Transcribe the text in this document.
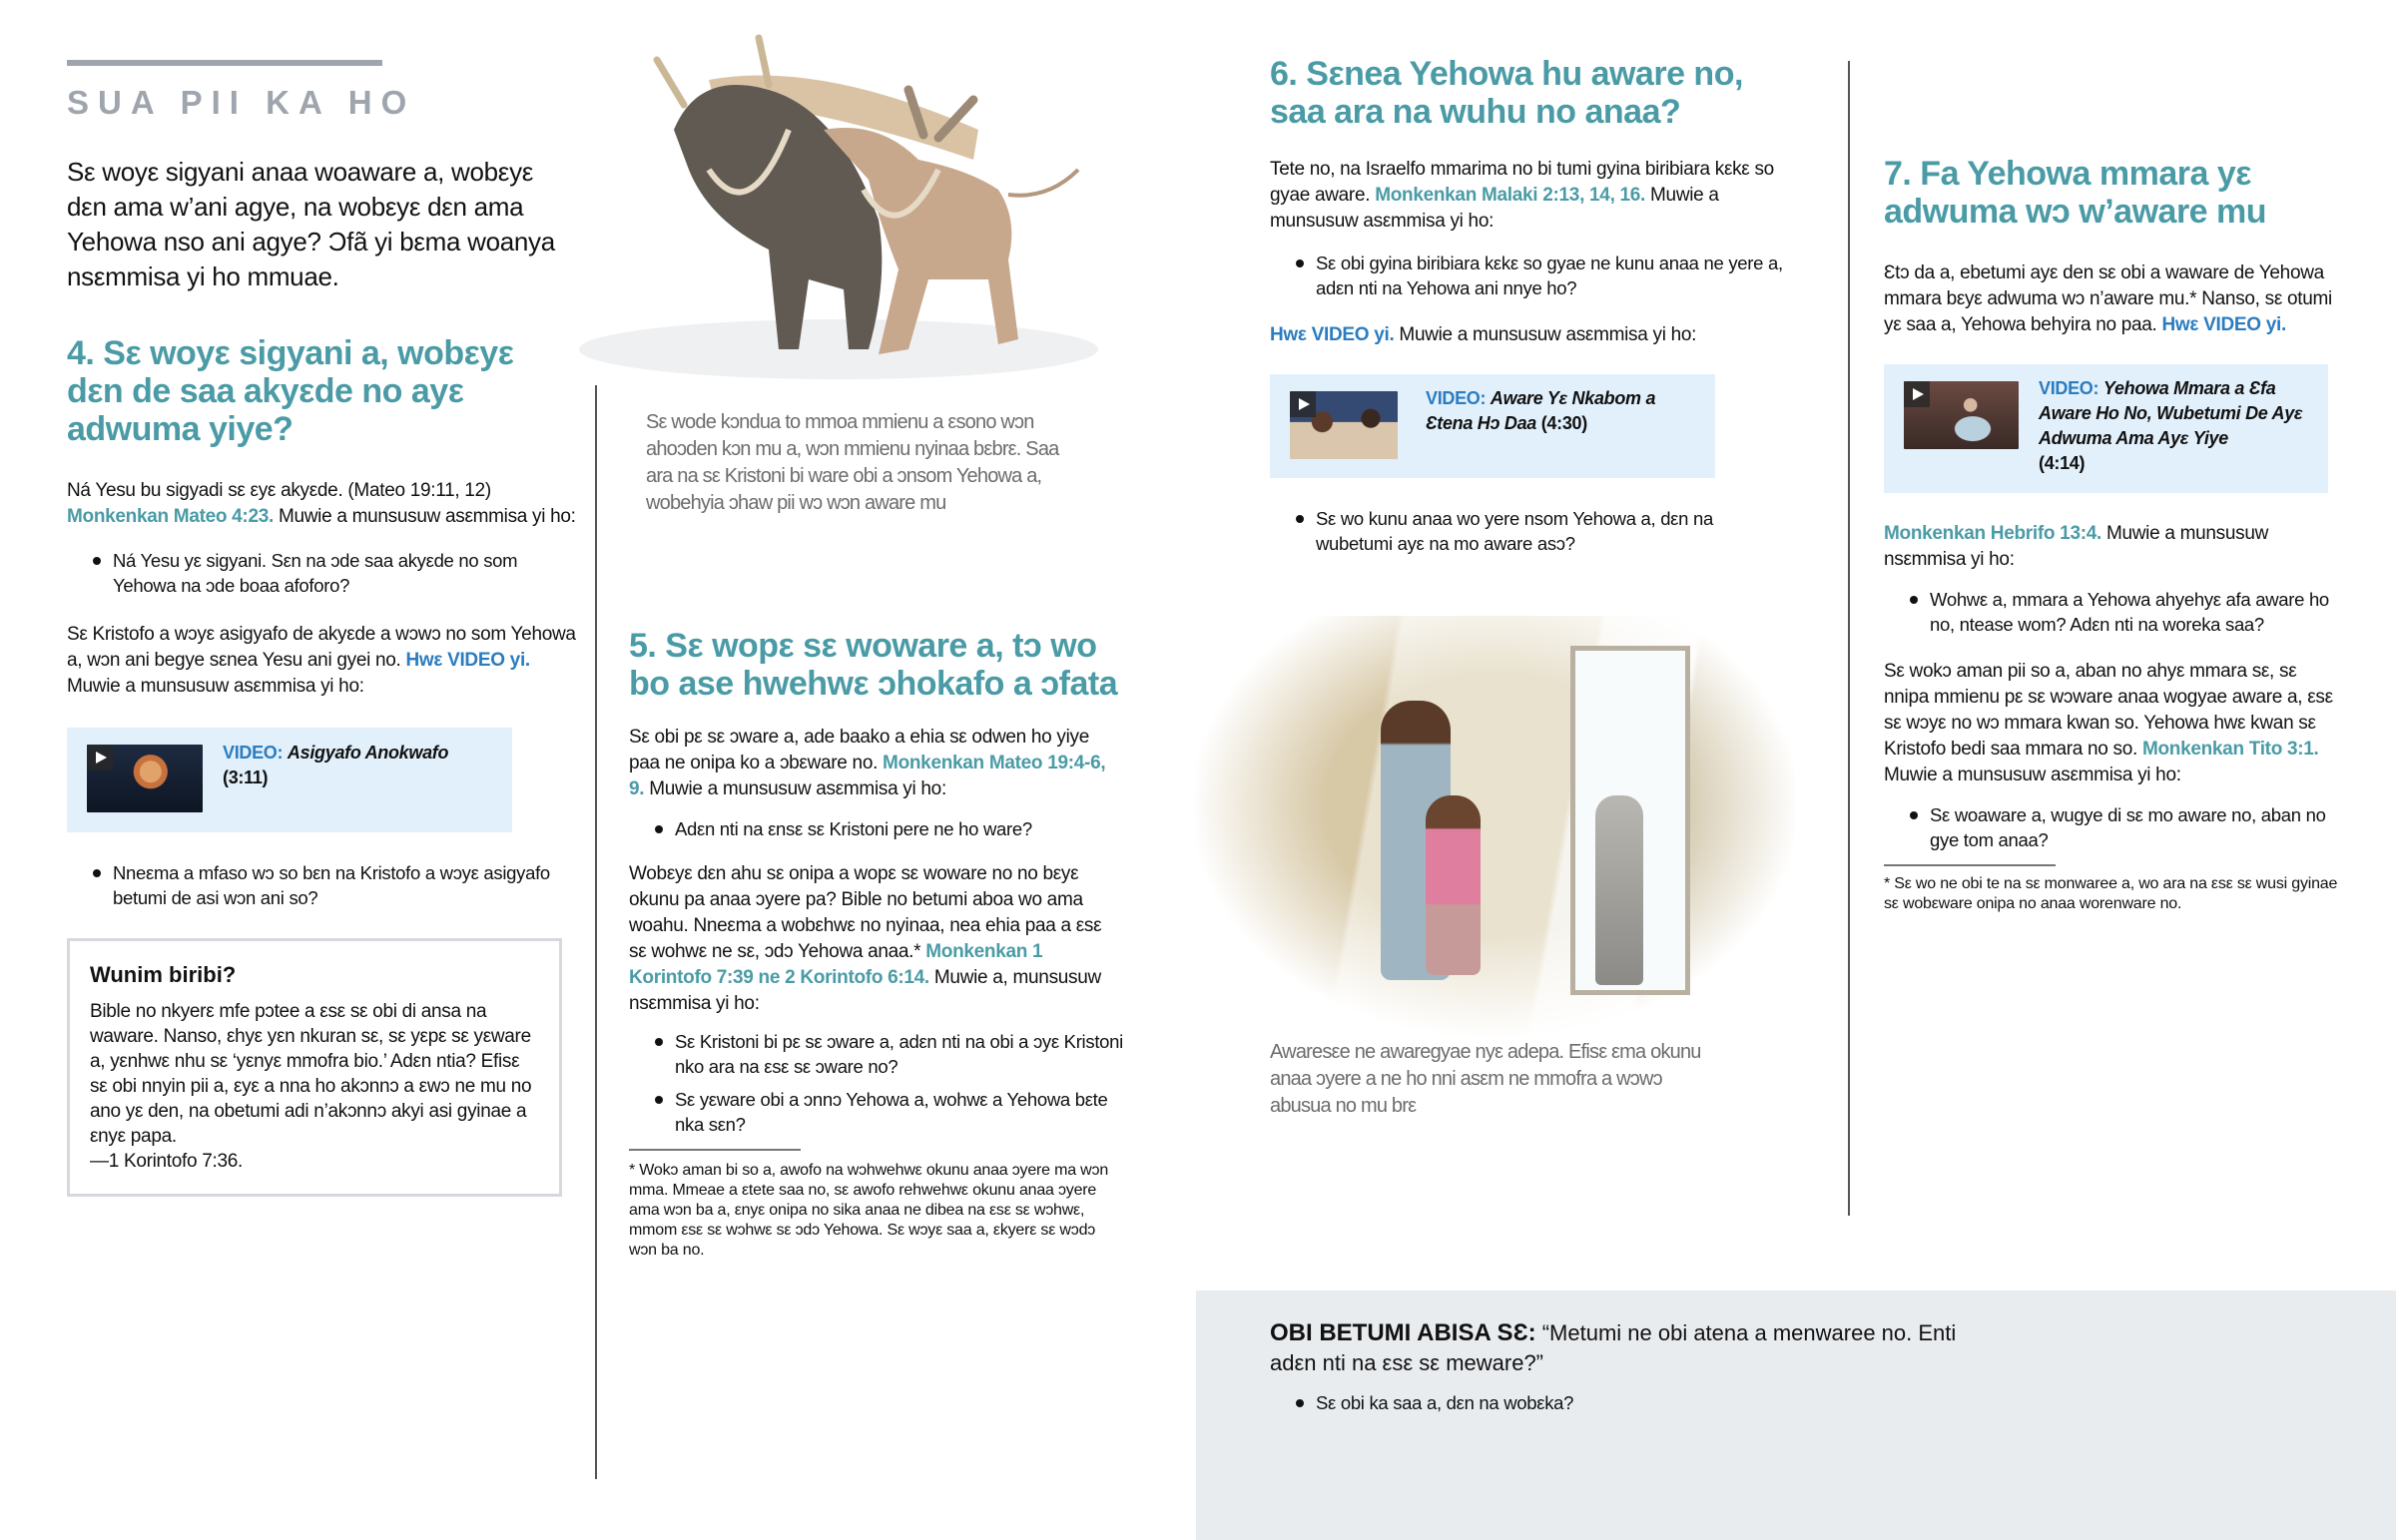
SUA PII KA HO

Sε woyε sigyani anaa woaware a, wobεyε dεn ama w’ani agye, na wobεyε dεn ama Yehowa nso ani agye? Ɔfã yi bεma woanya nsεmmisa yi ho mmuae.

4. Sε woyε sigyani a, wobεyε dεn de saa akyεde no ayε adwuma yiye?

Ná Yesu bu sigyadi sε εyε akyεde. (Mateo 19:11, 12) Monkenkan Mateo 4:23. Muwie a munsusuw asεmmisa yi ho:

Ná Yesu yε sigyani. Sεn na ɔde saa akyεde no som Yehowa na ɔde boaa afoforo?

Sε Kristofo a wɔyε asigyafo de akyεde a wɔwɔ no som Yehowa a, wɔn ani begye sεnea Yesu ani gyei no. Hwε VIDEO yi. Muwie a munsusuw asεmmisa yi ho:

VIDEO: Asigyafo Anokwafo
(3:11)

Nneεma a mfaso wɔ so bεn na Kristofo a wɔyε asigyafo betumi de asi wɔn ani so?

Wunim biribi?

Bible no nkyerε mfe pɔtee a εsε sε obi di ansa na waware. Nanso, εhyε yεn nkuran sε, sε yεpε sε yεware a, yεnhwε nhu sε ‘yεnyε mmofra bio.’ Adεn ntia? Efisε sε obi nnyin pii a, εyε a nna ho akɔnnɔ a εwɔ ne mu no ano yε den, na obetumi adi n’akɔnnɔ akyi asi gyinae a εnyε papa.
—1 Korintofo 7:36.

Sε wode kɔndua to mmoa mmienu a εsono wɔn ahoɔden kɔn mu a, wɔn mmienu nyinaa bεbrε. Saa ara na sε Kristoni bi ware obi a ɔnsom Yehowa a, wobehyia ɔhaw pii wɔ wɔn aware mu

5. Sε wopε sε woware a, tɔ wo bo ase hwehwε ɔhokafo a ɔfata

Sε obi pε sε ɔware a, ade baako a ehia sε odwen ho yiye paa ne onipa ko a ɔbεware no. Monkenkan Mateo 19:4-6, 9. Muwie a munsusuw asεmmisa yi ho:

Adεn nti na εnsε sε Kristoni pere ne ho ware?

Wobεyε dεn ahu sε onipa a wopε sε woware no no bεyε okunu pa anaa ɔyere pa? Bible no betumi aboa wo ama woahu. Nneεma a wobεhwε no nyinaa, nea ehia paa a εsε sε wohwε ne sε, ɔdɔ Yehowa anaa.* Monkenkan 1 Korintofo 7:39 ne 2 Korintofo 6:14. Muwie a, munsusuw nsεmmisa yi ho:

Sε Kristoni bi pε sε ɔware a, adεn nti na obi a ɔyε Kristoni nko ara na εsε sε ɔware no?

Sε yεware obi a ɔnnɔ Yehowa a, wohwε a Yehowa bεte nka sεn?

* Wokɔ aman bi so a, awofo na wɔhwehwε okunu anaa ɔyere ma wɔn mma. Mmeae a εtete saa no, sε awofo rehwehwε okunu anaa ɔyere ama wɔn ba a, εnyε onipa no sika anaa ne dibea na εsε sε wɔhwε, mmom εsε sε wɔhwε sε ɔdɔ Yehowa. Sε wɔyε saa a, εkyerε sε wɔdɔ wɔn ba no.

6. Sεnea Yehowa hu aware no, saa ara na wuhu no anaa?

Tete no, na Israelfo mmarima no bi tumi gyina biribiara kεkε so gyae aware. Monkenkan Malaki 2:13, 14, 16. Muwie a munsusuw asεmmisa yi ho:

Sε obi gyina biribiara kεkε so gyae ne kunu anaa ne yere a, adεn nti na Yehowa ani nnye ho?

Hwε VIDEO yi. Muwie a munsusuw asεmmisa yi ho:

VIDEO: Aware Yε Nkabom a Ɛtena Hɔ Daa (4:30)

Sε wo kunu anaa wo yere nsom Yehowa a, dεn na wubetumi ayε na mo aware asɔ?

Awaresεe ne awaregyae nyε adepa. Efisε εma okunu anaa ɔyere a ne ho nni asεm ne mmofra a wɔwɔ abusua no mu brε

7. Fa Yehowa mmara yε adwuma wɔ w’aware mu

Ɛtɔ da a, ebetumi ayε den sε obi a waware de Yehowa mmara bεyε adwuma wɔ n’aware mu.* Nanso, sε otumi yε saa a, Yehowa behyira no paa. Hwε VIDEO yi.

VIDEO: Yehowa Mmara a Ɛfa Aware Ho No, Wubetumi De Ayε Adwuma Ama Ayε Yiye
(4:14)

Monkenkan Hebrifo 13:4. Muwie a munsusuw nsεmmisa yi ho:

Wohwε a, mmara a Yehowa ahyehyε afa aware ho no, ntease wom? Adεn nti na woreka saa?

Sε wokɔ aman pii so a, aban no ahyε mmara sε, sε nnipa mmienu pε sε wɔware anaa wogyae aware a, εsε sε wɔyε no wɔ mmara kwan so. Yehowa hwε kwan sε Kristofo bedi saa mmara no so. Monkenkan Tito 3:1. Muwie a munsusuw asεmmisa yi ho:

Sε woaware a, wugye di sε mo aware no, aban no gye tom anaa?

* Sε wo ne obi te na sε monwaree a, wo ara na εsε sε wusi gyinae sε wobεware onipa no anaa worenware no.

OBI BETUMI ABISA SƐ: “Metumi ne obi atena a menwaree no. Enti adεn nti na εsε sε meware?”

Sε obi ka saa a, dεn na wobεka?
